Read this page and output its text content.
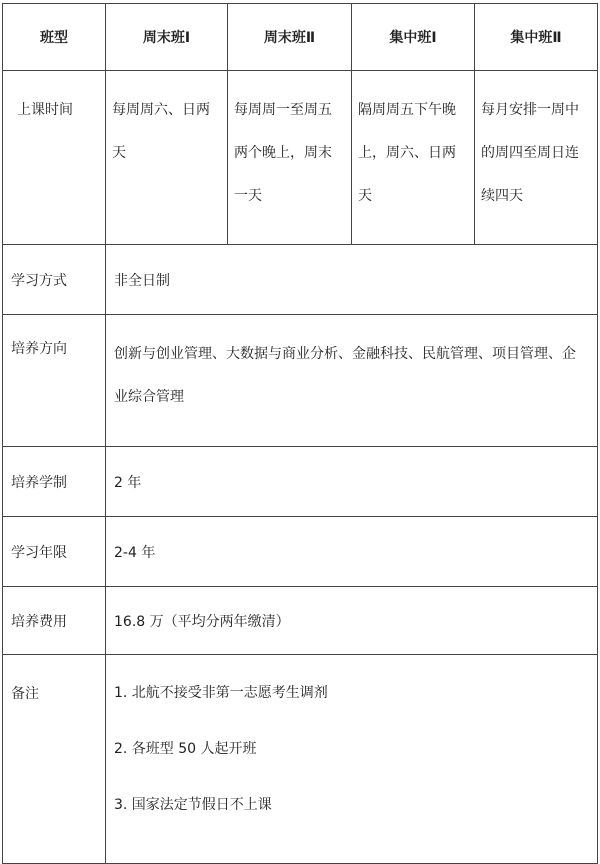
班型	周末班Ⅰ	周末班Ⅱ	集中班Ⅰ	集中班Ⅱ
上课时间	每周周六、日两天	每周周一至周五两个晚上，周末一天	隔周周五下午晚上，周六、日两天	每月安排一周中的周四至周日连续四天
学习方式	非全日制			
培养方向	创新与创业管理、大数据与商业分析、金融科技、民航管理、项目管理、企业综合管理			
培养学制	2 年			
学习年限	2-4 年			
培养费用	16.8 万（平均分两年缴清）			
备注	1. 北航不接受非第一志愿考生调剂
2. 各班型 50 人起开班
3. 国家法定节假日不上课			
